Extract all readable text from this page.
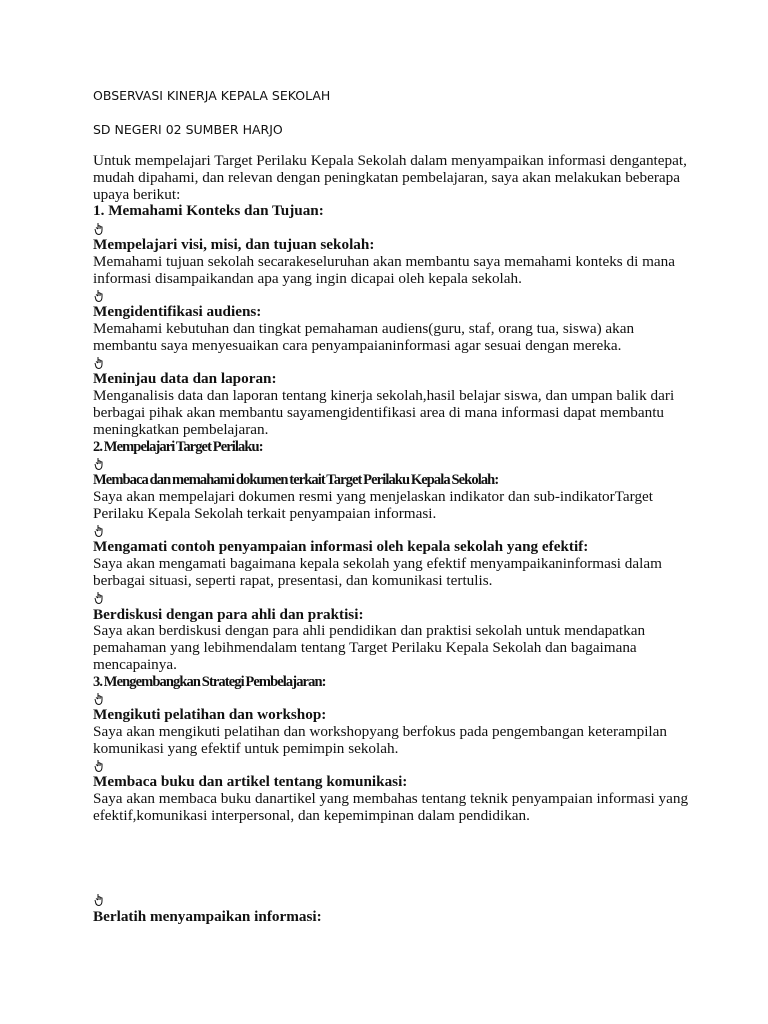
OBSERVASI KINERJA KEPALA SEKOLAH
SD NEGERI 02 SUMBER HARJO

Untuk mempelajari Target Perilaku Kepala Sekolah dalam menyampaikan informasi dengantepat, mudah dipahami, dan relevan dengan peningkatan pembelajaran, saya akan melakukan beberapa upaya berikut:

1. Memahami Konteks dan Tujuan:
Mempelajari visi, misi, dan tujuan sekolah:

Memahami tujuan sekolah secarakeseluruhan akan membantu saya memahami konteks di mana informasi disampaikandan apa yang ingin dicapai oleh kepala sekolah.

Mengidentifikasi audiens:

Memahami kebutuhan dan tingkat pemahaman audiens(guru, staf, orang tua, siswa) akan membantu saya menyesuaikan cara penyampaianinformasi agar sesuai dengan mereka.

Meninjau data dan laporan:

Menganalisis data dan laporan tentang kinerja sekolah,hasil belajar siswa, dan umpan balik dari berbagai pihak akan membantu sayamengidentifikasi area di mana informasi dapat membantu meningkatkan pembelajaran.

2. Mempelajari Target Perilaku:
Membaca dan memahami dokumen terkait Target Perilaku Kepala Sekolah:

Saya akan mempelajari dokumen resmi yang menjelaskan indikator dan sub-indikatorTarget Perilaku Kepala Sekolah terkait penyampaian informasi.

Mengamati contoh penyampaian informasi oleh kepala sekolah yang efektif:

Saya akan mengamati bagaimana kepala sekolah yang efektif menyampaikaninformasi dalam berbagai situasi, seperti rapat, presentasi, dan komunikasi tertulis.

Berdiskusi dengan para ahli dan praktisi:

Saya akan berdiskusi dengan para ahli pendidikan dan praktisi sekolah untuk mendapatkan pemahaman yang lebihmendalam tentang Target Perilaku Kepala Sekolah dan bagaimana mencapainya.

3. Mengembangkan Strategi Pembelajaran:
Mengikuti pelatihan dan workshop:

Saya akan mengikuti pelatihan dan workshopyang berfokus pada pengembangan keterampilan komunikasi yang efektif untuk pemimpin sekolah.

Membaca buku dan artikel tentang komunikasi:

Saya akan membaca buku danartikel yang membahas tentang teknik penyampaian informasi yang efektif,komunikasi interpersonal, dan kepemimpinan dalam pendidikan.

Berlatih menyampaikan informasi:
